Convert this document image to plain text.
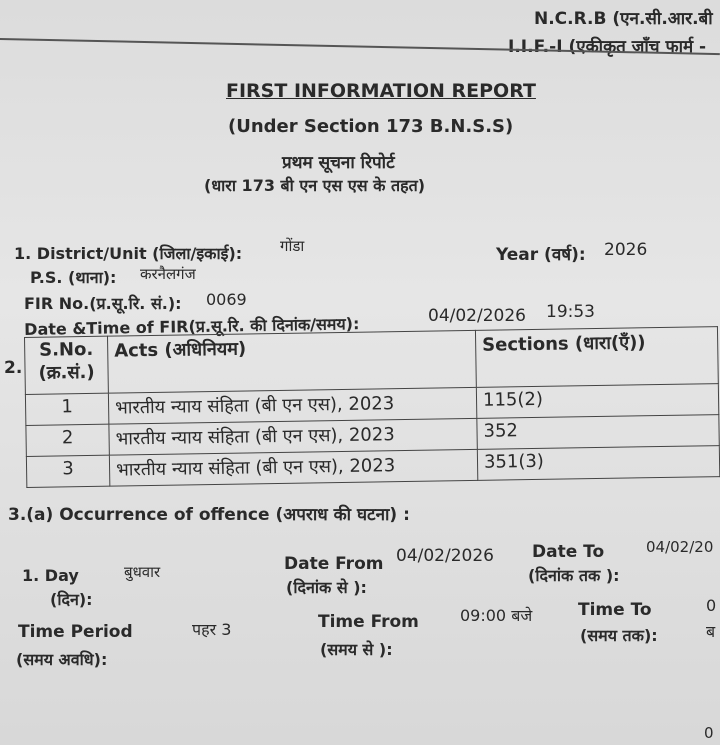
N.C.R.B (एन.सी.आर.बी
I.I.F.-I (एकीकृत जाँच फार्म -
FIRST INFORMATION REPORT
(Under Section 173 B.N.S.S)
प्रथम सूचना रिपोर्ट
(धारा 173 बी एन एस एस के तहत)
1. District/Unit (जिला/इकाई):	गोंडा
P.S. (थाना): करनैलगंज
Year (वर्ष): 2026
FIR No.(प्र.सू.रि. सं.): 0069
Date &Time of FIR(प्र.सू.रि. की दिनांक/समय):	04/02/2026 19:53
2.
S.No.
(क्र.सं.)	Acts (अधिनियम)	Sections (धारा(एँ))
1	भारतीय न्याय संहिता (बी एन एस), 2023	115(2)
2	भारतीय न्याय संहिता (बी एन एस), 2023	352
3	भारतीय न्याय संहिता (बी एन एस), 2023	351(3)
3.(a) Occurrence of offence (अपराध की घटना) :
1. Day
(दिन):
बुधवार	Date From 04/02/2026
(दिनांक से ):
Date To	04/02/20
(दिनांक तक ):
Time Period
(समय अवधि):
पहर 3	Time From
(समय से ):
09:00 बजे	Time To
(समय तक):
0
ब
0
